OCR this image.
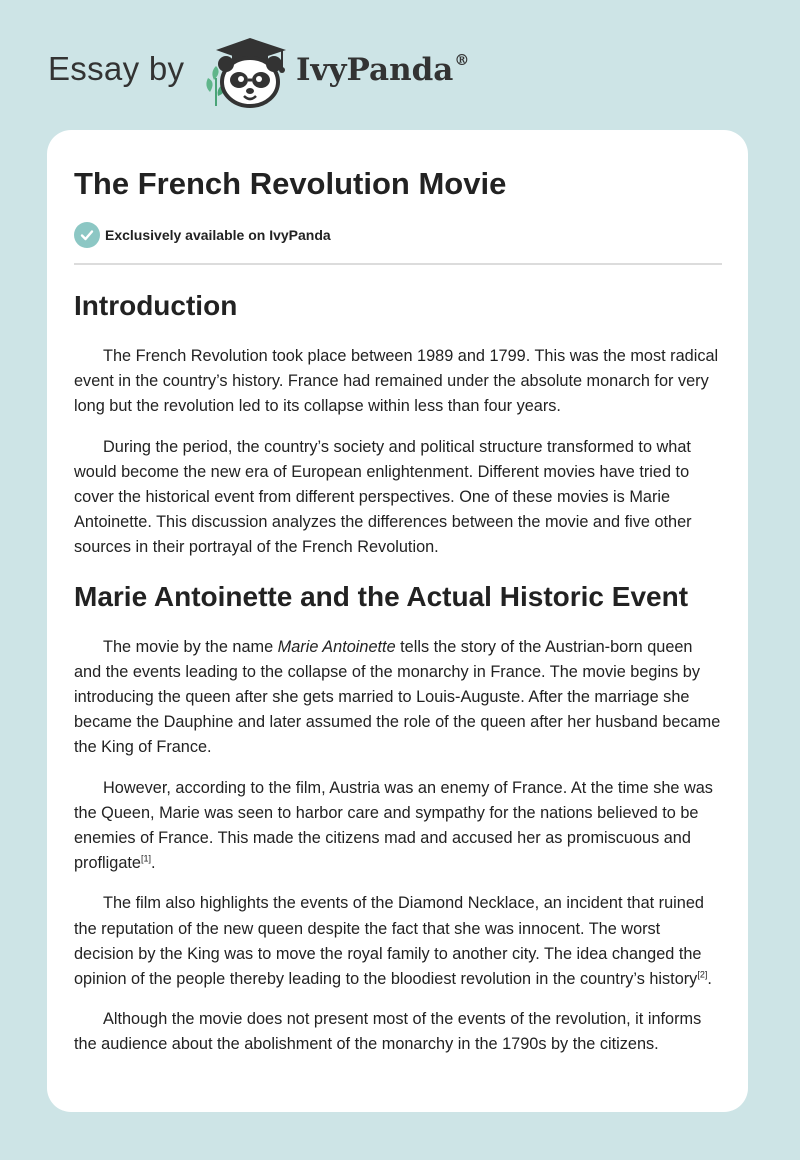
Essay by	IvyPanda®
The French Revolution Movie
Exclusively available on IvyPanda
Introduction

The French Revolution took place between 1989 and 1799. This was the most radical event in the country’s history. France had remained under the absolute monarch for very long but the revolution led to its collapse within less than four years.

During the period, the country’s society and political structure transformed to what would become the new era of European enlightenment. Different movies have tried to cover the historical event from different perspectives. One of these movies is Marie Antoinette. This discussion analyzes the differences between the movie and five other sources in their portrayal of the French Revolution.

Marie Antoinette and the Actual Historic Event

The movie by the name Marie Antoinette tells the story of the Austrian-born queen and the events leading to the collapse of the monarchy in France. The movie begins by introducing the queen after she gets married to Louis-Auguste. After the marriage she became the Dauphine and later assumed the role of the queen after her husband became the King of France.

However, according to the film, Austria was an enemy of France. At the time she was the Queen, Marie was seen to harbor care and sympathy for the nations believed to be enemies of France. This made the citizens mad and accused her as promiscuous and profligate[1].

The film also highlights the events of the Diamond Necklace, an incident that ruined the reputation of the new queen despite the fact that she was innocent. The worst decision by the King was to move the royal family to another city. The idea changed the opinion of the people thereby leading to the bloodiest revolution in the country’s history[2].

Although the movie does not present most of the events of the revolution, it informs the audience about the abolishment of the monarchy in the 1790s by the citizens.
